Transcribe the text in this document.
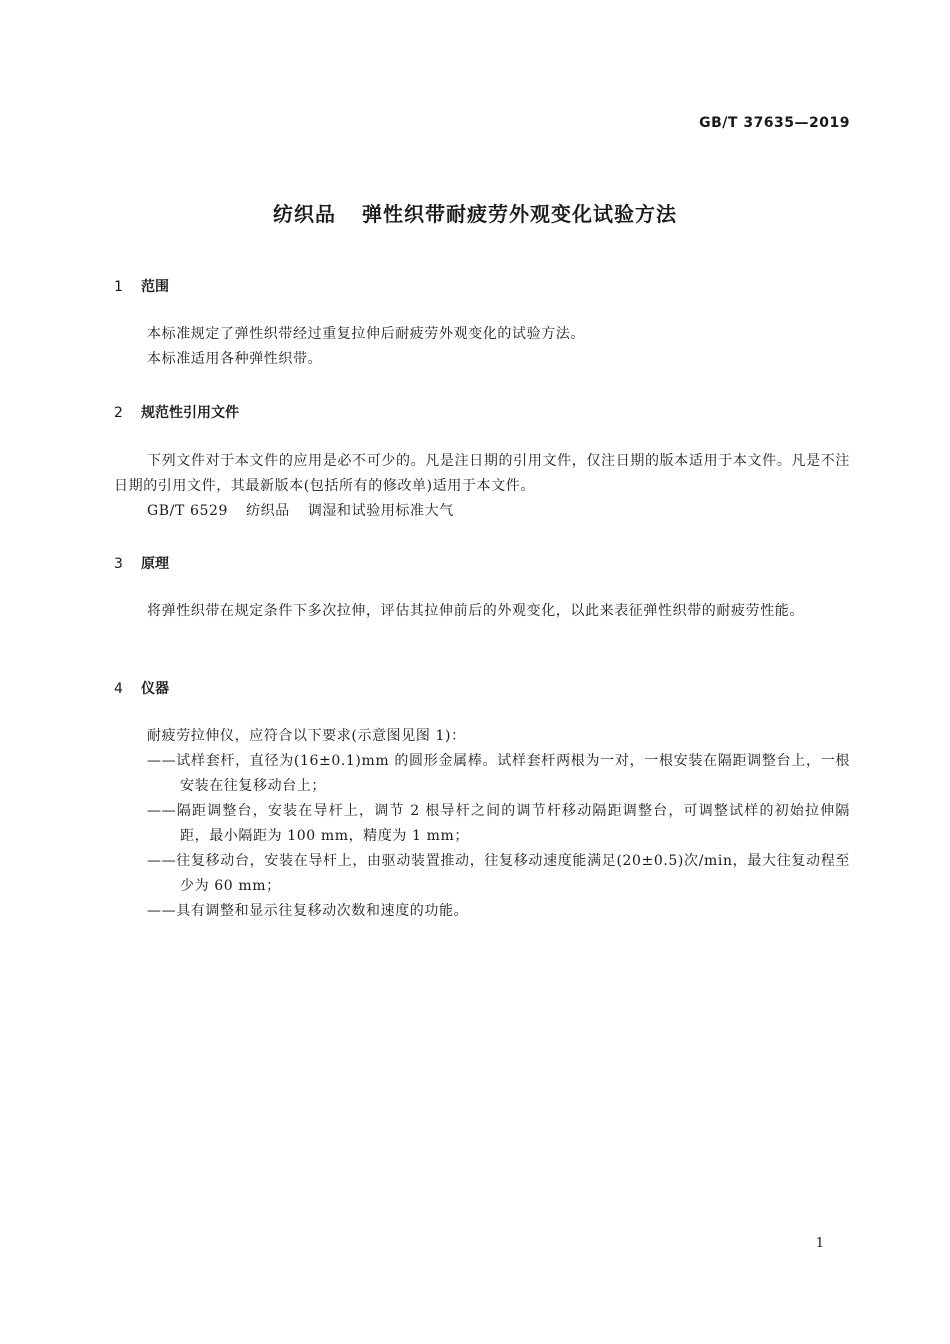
GB/T 37635—2019
纺织品 弹性织带耐疲劳外观变化试验方法
1 范围
本标准规定了弹性织带经过重复拉伸后耐疲劳外观变化的试验方法。
本标准适用各种弹性织带。
2 规范性引用文件
下列文件对于本文件的应用是必不可少的。凡是注日期的引用文件，仅注日期的版本适用于本文件。凡是不注日期的引用文件，其最新版本(包括所有的修改单)适用于本文件。
GB/T 6529 纺织品 调湿和试验用标准大气
3 原理
将弹性织带在规定条件下多次拉伸，评估其拉伸前后的外观变化，以此来表征弹性织带的耐疲劳性能。
4 仪器
耐疲劳拉伸仪，应符合以下要求(示意图见图 1)：
——试样套杆，直径为(16±0.1)mm 的圆形金属棒。试样套杆两根为一对，一根安装在隔距调整台上，一根安装在往复移动台上；
——隔距调整台，安装在导杆上，调节 2 根导杆之间的调节杆移动隔距调整台，可调整试样的初始拉伸隔距，最小隔距为 100 mm，精度为 1 mm；
——往复移动台，安装在导杆上，由驱动装置推动，往复移动速度能满足(20±0.5)次/min，最大往复动程至少为 60 mm；
——具有调整和显示往复移动次数和速度的功能。
1
